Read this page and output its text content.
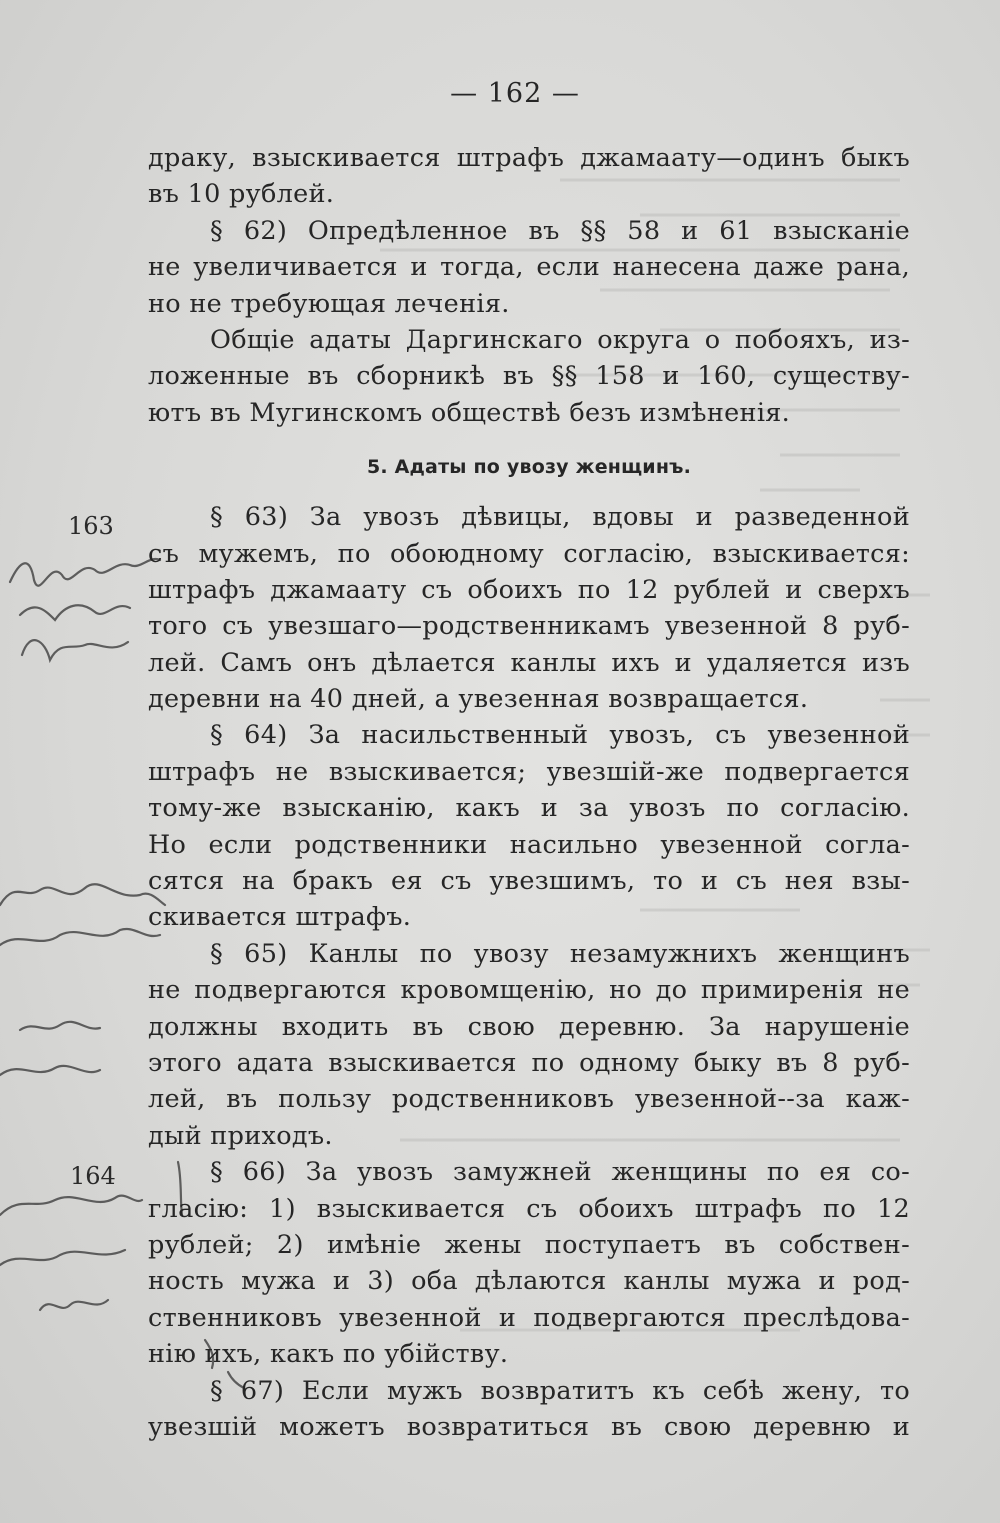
— 162 —
163
164
драку, взыскивается штрафъ джамаату—одинъ быкъ
въ 10 рублей.
§ 62) Опредѣленное въ §§ 58 и 61 взысканіе
не увеличивается и тогда, если нанесена даже рана,
но не требующая леченія.
Общіе адаты Даргинскаго округа о побояхъ, из-
ложенные въ сборникѣ въ §§ 158 и 160, существу-
ютъ въ Мугинскомъ обществѣ безъ измѣненія.
5. Адаты по увозу женщинъ.
§ 63) За увозъ дѣвицы, вдовы и разведенной
съ мужемъ, по обоюдному согласію, взыскивается:
штрафъ джамаату съ обоихъ по 12 рублей и сверхъ
того съ увезшаго—родственникамъ увезенной 8 руб-
лей. Самъ онъ дѣлается канлы ихъ и удаляется изъ
деревни на 40 дней, а увезенная возвращается.
§ 64) За насильственный увозъ, съ увезенной
штрафъ не взыскивается; увезшій-же подвергается
тому-же взысканію, какъ и за увозъ по согласію.
Но если родственники насильно увезенной согла-
сятся на бракъ ея съ увезшимъ, то и съ нея взы-
скивается штрафъ.
§ 65) Канлы по увозу незамужнихъ женщинъ
не подвергаются кровомщенію, но до примиренія не
должны входить въ свою деревню. За нарушеніе
этого адата взыскивается по одному быку въ 8 руб-
лей, въ пользу родственниковъ увезенной--за каж-
дый приходъ.
§ 66) За увозъ замужней женщины по ея со-
гласію: 1) взыскивается съ обоихъ штрафъ по 12
рублей; 2) имѣніе жены поступаетъ въ собствен-
ность мужа и 3) оба дѣлаются канлы мужа и род-
ственниковъ увезенной и подвергаются преслѣдова-
нію ихъ, какъ по убійству.
§ 67) Если мужъ возвратитъ къ себѣ жену, то
увезшій можетъ возвратиться въ свою деревню и
